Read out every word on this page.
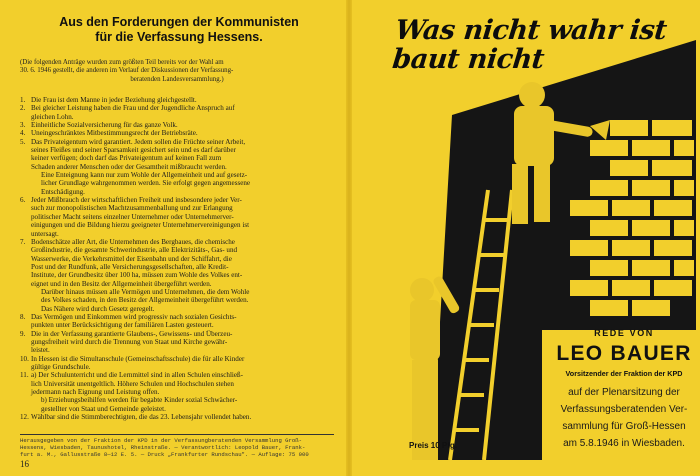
Aus den Forderungen der Kommunisten
für die Verfassung Hessens.
(Die folgenden Anträge wurden zum größten Teil bereits vor der Wahl am
30. 6. 1946 gestellt, die anderen im Verlauf der Diskussionen der Verfassung-
beratenden Landesversammlung.)
1. Die Frau ist dem Manne in jeder Beziehung gleichgestellt.
2. Bei gleicher Leistung haben die Frau und der Jugendliche Anspruch auf
gleichen Lohn.
3. Einheitliche Sozialversicherung für das ganze Volk.
4. Uneingeschränktes Mitbestimmungsrecht der Betriebsräte.
5. Das Privateigentum wird garantiert. Jedem sollen die Früchte seiner Arbeit,
seines Fleißes und seiner Sparsamkeit gesichert sein und es darf darüber
keiner verfügen; doch darf das Privateigentum auf keinen Fall zum
Schaden anderer Menschen oder der Gesamtheit mißbraucht werden.
Eine Enteignung kann nur zum Wohle der Allgemeinheit und auf gesetz-
licher Grundlage wahrgenommen werden. Sie erfolgt gegen angemessene
Entschädigung.
6. Jeder Mißbrauch der wirtschaftlichen Freiheit und insbesondere jeder Ver-
such zur monopolistischen Machtzusammenballung und zur Erlangung
politischer Macht seitens einzelner Unternehmer oder Unternehmerver-
einigungen und die Bildung hierzu geeigneter Unternehmervereinigungen ist
untersagt.
7. Bodenschätze aller Art, die Unternehmen des Bergbaues, die chemische
Großindustrie, die gesamte Schwerindustrie, alle Elektrizitäts-, Gas- und
Wasserwerke, die Verkehrsmittel der Eisenbahn und der Schiffahrt, die
Post und der Rundfunk, alle Versicherungsgesellschaften, alle Kredit-
Institute, der Grundbesitz über 100 ha, müssen zum Wohle des Volkes ent-
eignet und in den Besitz der Allgemeinheit übergeführt werden.
Darüber hinaus müssen alle Vermögen und Unternehmen, die dem Wohle
des Volkes schaden, in den Besitz der Allgemeinheit übergeführt werden.
Das Nähere wird durch Gesetz geregelt.
8. Das Vermögen und Einkommen wird progressiv nach sozialen Gesichts-
punkten unter Berücksichtigung der familiären Lasten gesteuert.
9. Die in der Verfassung garantierte Glaubens-, Gewissens- und Überzeu-
gungsfreiheit wird durch die Trennung von Staat und Kirche gewähr-
leistet.
10. In Hessen ist die Simultanschule (Gemeinschaftsschule) die für alle Kinder
gültige Grundschule.
11. a) Der Schulunterricht und die Lernmittel sind in allen Schulen einschließ-
lich Universität unentgeltlich. Höhere Schulen und Hochschulen stehen
jedermann nach Eignung und Leistung offen.
b) Erziehungsbeihilfen werden für begabte Kinder sozial Schwächer-
gestellter von Staat und Gemeinde geleistet.
12. Wählbar sind die Stimmberechtigten, die das 23. Lebensjahr vollendet haben.
Herausgegeben von der Fraktion der KPD in der Verfassungberatenden Versammlung Groß-
Hessens, Wiesbaden, Taunushotel, Rheinstraße. — Verantwortlich: Leopold Bauer, Frank-
furt a. M., Gallusstraße 8—12 E. 5. — Druck „Frankfurter Rundschau". — Auflage: 75 000
16
Was nicht wahr ist
baut nicht
Preis 10 Pfg.
REDE VON
LEO BAUER
Vorsitzender der Fraktion der KPD
auf der Plenarsitzung der
Verfassungsberatenden Ver-
sammlung für Groß-Hessen
am 5.8.1946 in Wiesbaden.
